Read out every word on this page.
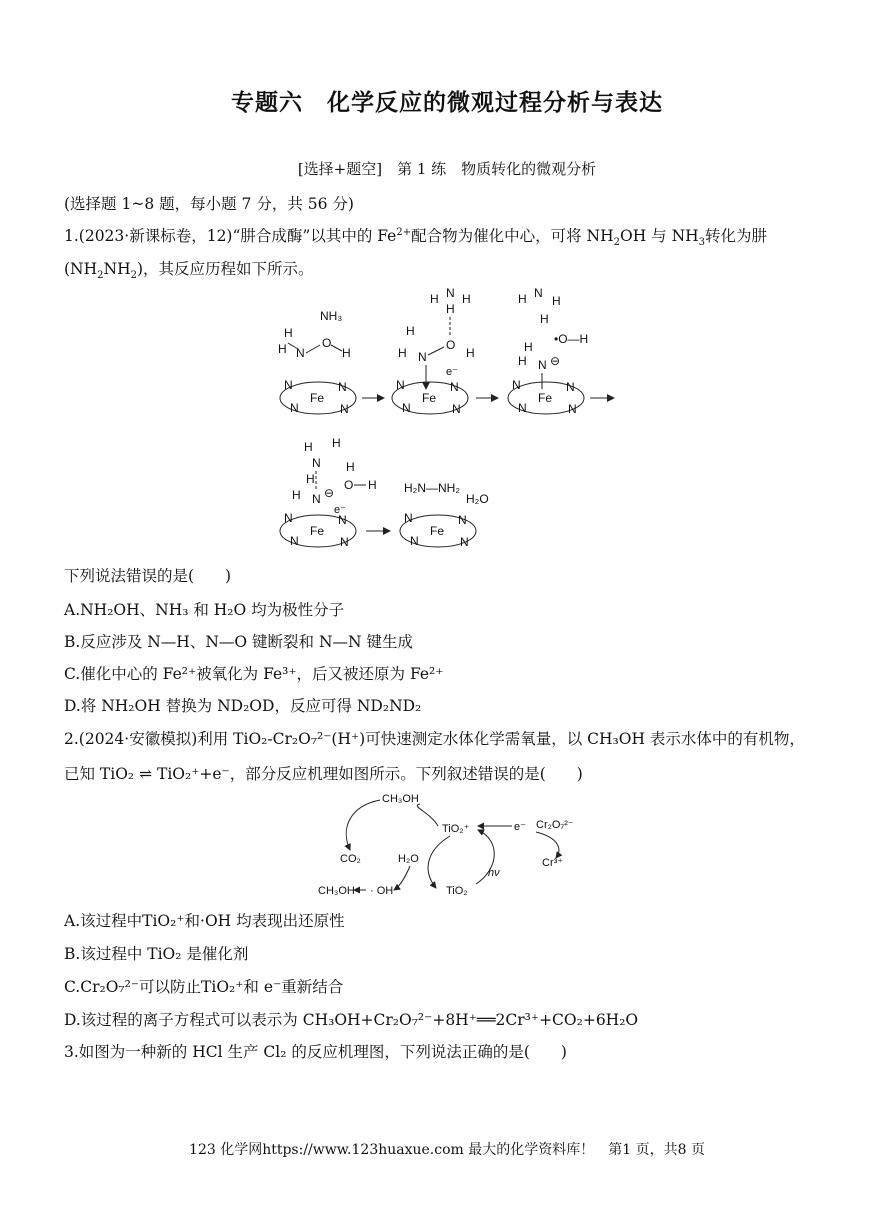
专题六　化学反应的微观过程分析与表达
[选择+题空]　第 1 练　物质转化的微观分析
(选择题 1~8 题，每小题 7 分，共 56 分)
1.(2023·新课标卷，12)“肼合成酶”以其中的 $Fe^{2+}$配合物为催化中心，可将 $NH_2OH$ 与 $NH_3$转化为肼
$(NH_2NH_2)$，其反应历程如下所示。
NH₃
H
H N
O
H
Fe
N	N
N	N
H N H
H
O
H
H
H N
e⁻
Fe
N	N
N	N
H N
H
H
•O—H
H
H N ⊖
Fe
N	N
N	N
H H
N
H
H
O H
H N ⊖
e⁻
Fe
N	N
N	N
H₂N—NH₂
H₂O
Fe
N	N
N	N
下列说法错误的是(　　)
A.NH₂OH、NH₃ 和 H₂O 均为极性分子
B.反应涉及 N—H、N—O 键断裂和 N—N 键生成
C.催化中心的 Fe²⁺被氧化为 Fe³⁺，后又被还原为 Fe²⁺
D.将 NH₂OH 替换为 ND₂OD，反应可得 ND₂ND₂
2.(2024·安徽模拟)利用 TiO₂-Cr₂O₇²⁻(H⁺)可快速测定水体化学需氧量，以 CH₃OH 表示水体中的有机物，
已知 TiO₂ ⇌ TiO₂⁺+e⁻，部分反应机理如图所示。下列叙述错误的是(　　)
CH₃OH
TiO₂⁺
CO₂	H₂O
CH₃OH · OH	TiO₂
hν
e⁻ Cr₂O₇²⁻
Cr³⁺
A.该过程中TiO₂⁺和·OH 均表现出还原性
B.该过程中 TiO₂ 是催化剂
C.Cr₂O₇²⁻可以防止TiO₂⁺和 e⁻重新结合
D.该过程的离子方程式可以表示为 CH₃OH+Cr₂O₇²⁻+8H⁺══2Cr³⁺+CO₂+6H₂O
3.如图为一种新的 HCl 生产 Cl₂ 的反应机理图，下列说法正确的是(　　)
123 化学网https://www.123huaxue.com 最大的化学资料库！　第1 页，共8 页
